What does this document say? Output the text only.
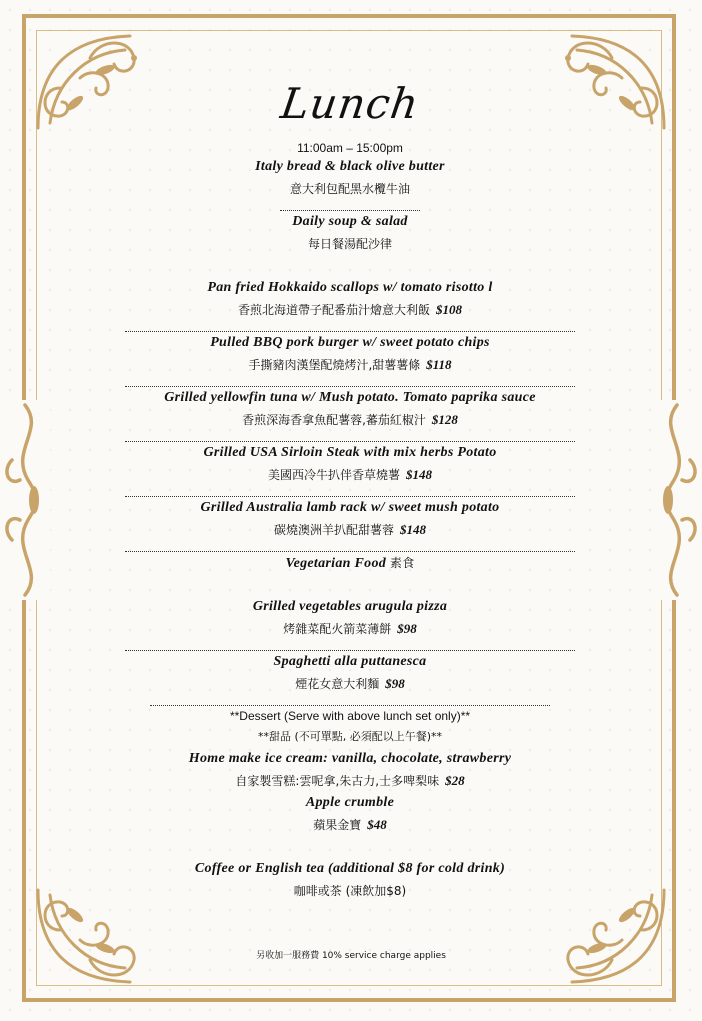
Lunch
11:00am – 15:00pm
Italy bread & black olive butter
意大利包配黑水欖牛油
Daily soup & salad
每日餐湯配沙律
Pan fried Hokkaido scallops w/ tomato risotto l
香煎北海道帶子配番茄汁燴意大利飯 $108
Pulled BBQ pork burger w/ sweet potato chips
手撕豬肉漢堡配燒烤汁,甜薯薯條 $118
Grilled yellowfin tuna w/ Mush potato. Tomato paprika sauce
香煎深海香拿魚配薯蓉,蕃茄紅椒汁 $128
Grilled USA Sirloin Steak with mix herbs Potato
美國西冷牛扒伴香草燒薯 $148
Grilled Australia lamb rack w/ sweet mush potato
碳燒澳洲羊扒配甜薯蓉 $148
Vegetarian Food 素食
Grilled vegetables arugula pizza
烤雜菜配火箭菜薄餅 $98
Spaghetti alla puttanesca
煙花女意大利麵 $98
**Dessert (Serve with above lunch set only)**
**甜品 (不可單點, 必須配以上午餐)**
Home make ice cream: vanilla, chocolate, strawberry
自家製雪糕:雲呢拿,朱古力,士多啤梨味 $28
Apple crumble
蘋果金寶 $48
Coffee or English tea (additional $8 for cold drink)
咖啡或茶 (凍飲加$8)
另收加一服務費 10% service charge applies
